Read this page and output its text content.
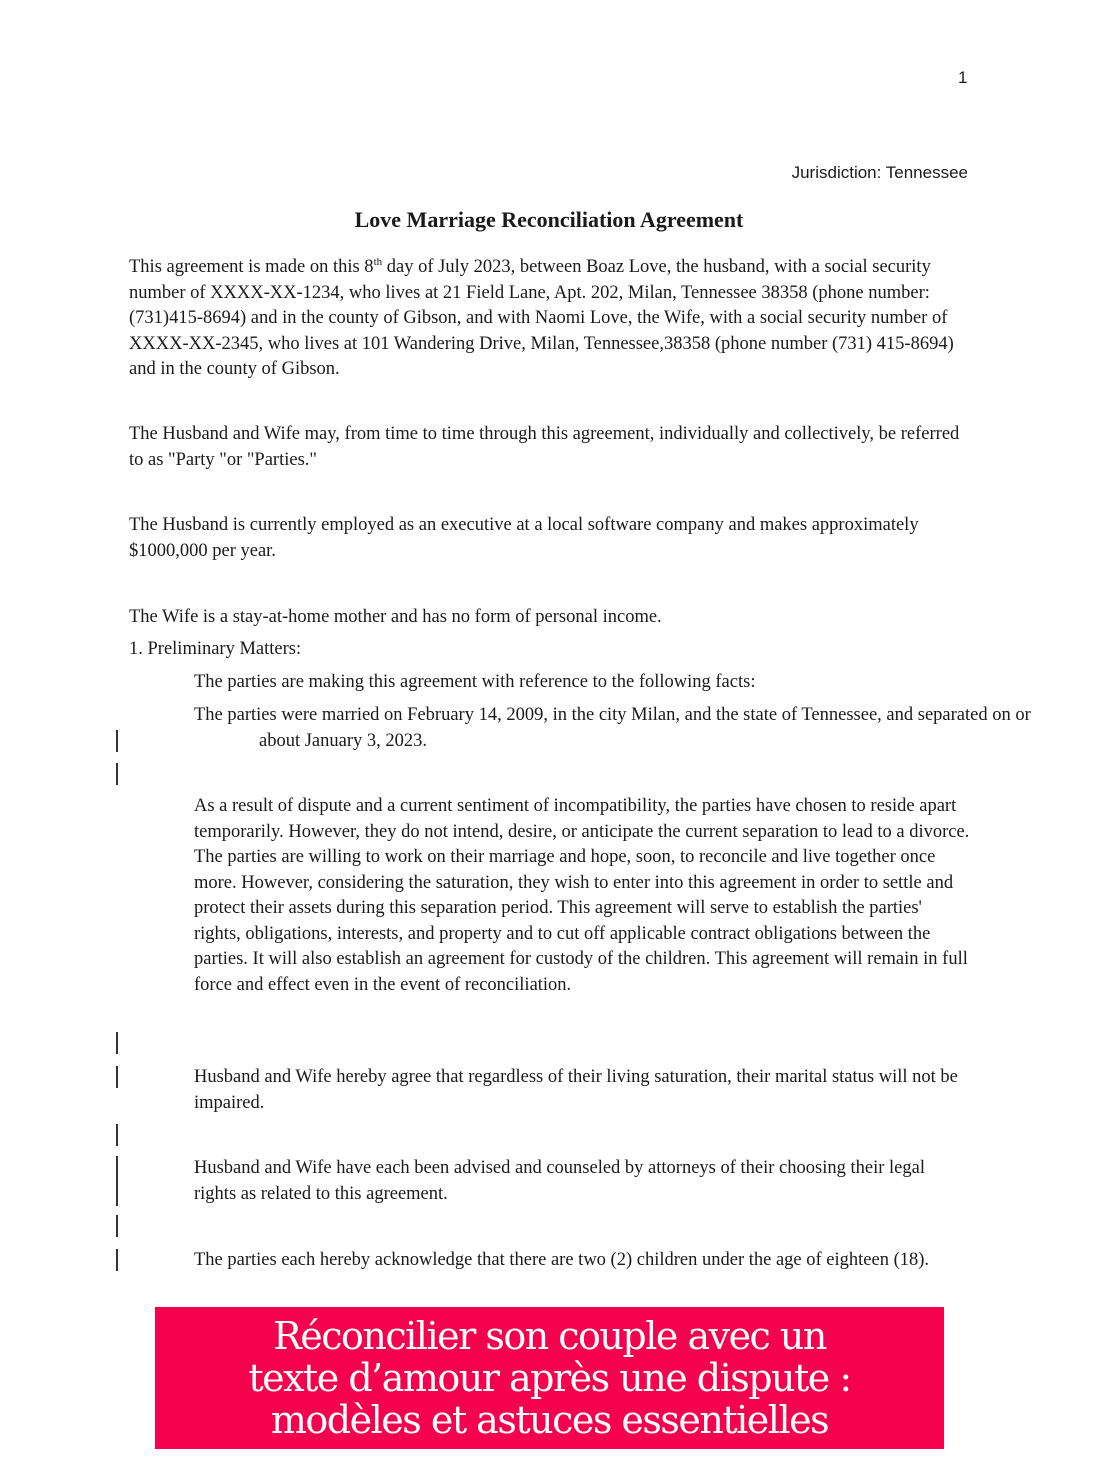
1
Jurisdiction: Tennessee
Love Marriage Reconciliation Agreement

This agreement is made on this 8th day of July 2023, between Boaz Love, the husband, with a social security number of XXXX-XX-1234, who lives at 21 Field Lane, Apt. 202, Milan, Tennessee 38358 (phone number: (731)415-8694) and in the county of Gibson, and with Naomi Love, the Wife, with a social security number of XXXX-XX-2345, who lives at 101 Wandering Drive, Milan, Tennessee,38358 (phone number (731) 415-8694) and in the county of Gibson.

The Husband and Wife may, from time to time through this agreement, individually and collectively, be referred to as "Party "or "Parties."

The Husband is currently employed as an executive at a local software company and makes approximately $1000,000 per year.

The Wife is a stay-at-home mother and has no form of personal income.

1. Preliminary Matters:

The parties are making this agreement with reference to the following facts:

The parties were married on February 14, 2009, in the city Milan, and the state of Tennessee, and separated on or about January 3, 2023.

As a result of dispute and a current sentiment of incompatibility, the parties have chosen to reside apart temporarily. However, they do not intend, desire, or anticipate the current separation to lead to a divorce. The parties are willing to work on their marriage and hope, soon, to reconcile and live together once more. However, considering the saturation, they wish to enter into this agreement in order to settle and protect their assets during this separation period. This agreement will serve to establish the parties' rights, obligations, interests, and property and to cut off applicable contract obligations between the parties. It will also establish an agreement for custody of the children. This agreement will remain in full force and effect even in the event of reconciliation.

Husband and Wife hereby agree that regardless of their living saturation, their marital status will not be impaired.

Husband and Wife have each been advised and counseled by attorneys of their choosing their legal rights as related to this agreement.

The parties each hereby acknowledge that there are two (2) children under the age of eighteen (18).

Réconcilier son couple avec un
texte d’amour après une dispute :
modèles et astuces essentielles
